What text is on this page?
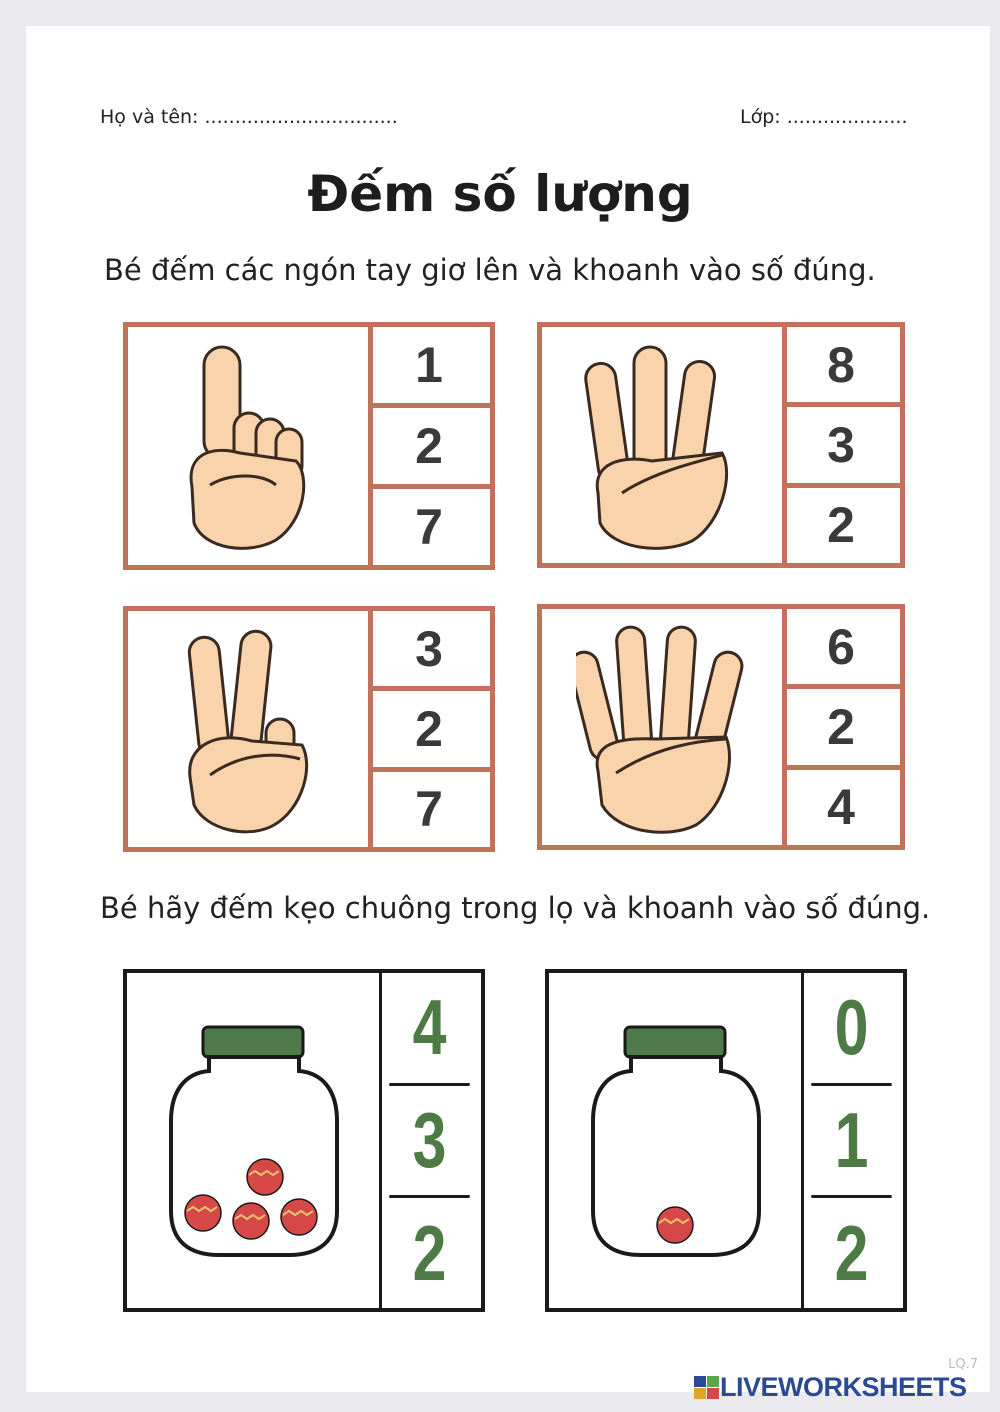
Họ và tên: ................................	Lớp: ....................
Đếm số lượng
Bé đếm các ngón tay giơ lên và khoanh vào số đúng.
1
2
7
8
3
2
3
2
7
6
2
4
Bé hãy đếm kẹo chuông trong lọ và khoanh vào số đúng.
4
3
2
0
1
2
LQ.7
LIVEWORKSHEETS
